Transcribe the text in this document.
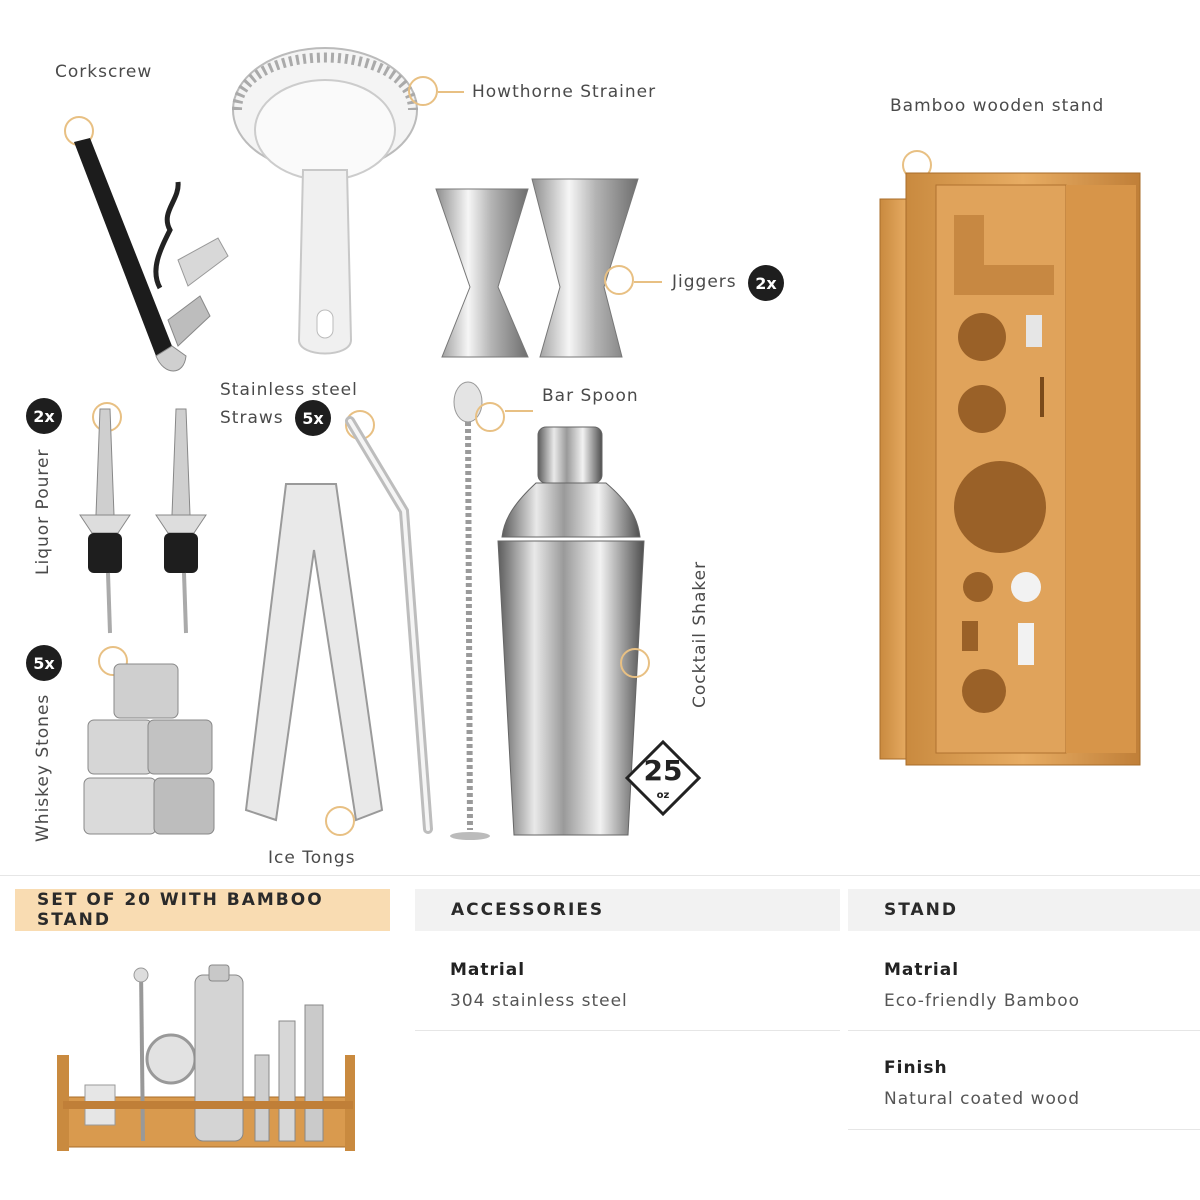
Corkscrew
Howthorne Strainer
Jiggers	2x
Bamboo wooden stand
Stainless steel
Straws	5x
Bar Spoon
Cocktail Shaker
25
oz
2x
Liquor Pourer
5x
Whiskey Stones
Ice Tongs
SET OF 20 WITH BAMBOO STAND	ACCESSORIES	STAND
Matrial
304 stainless steel
Matrial
Eco-friendly Bamboo
Finish
Natural coated wood
